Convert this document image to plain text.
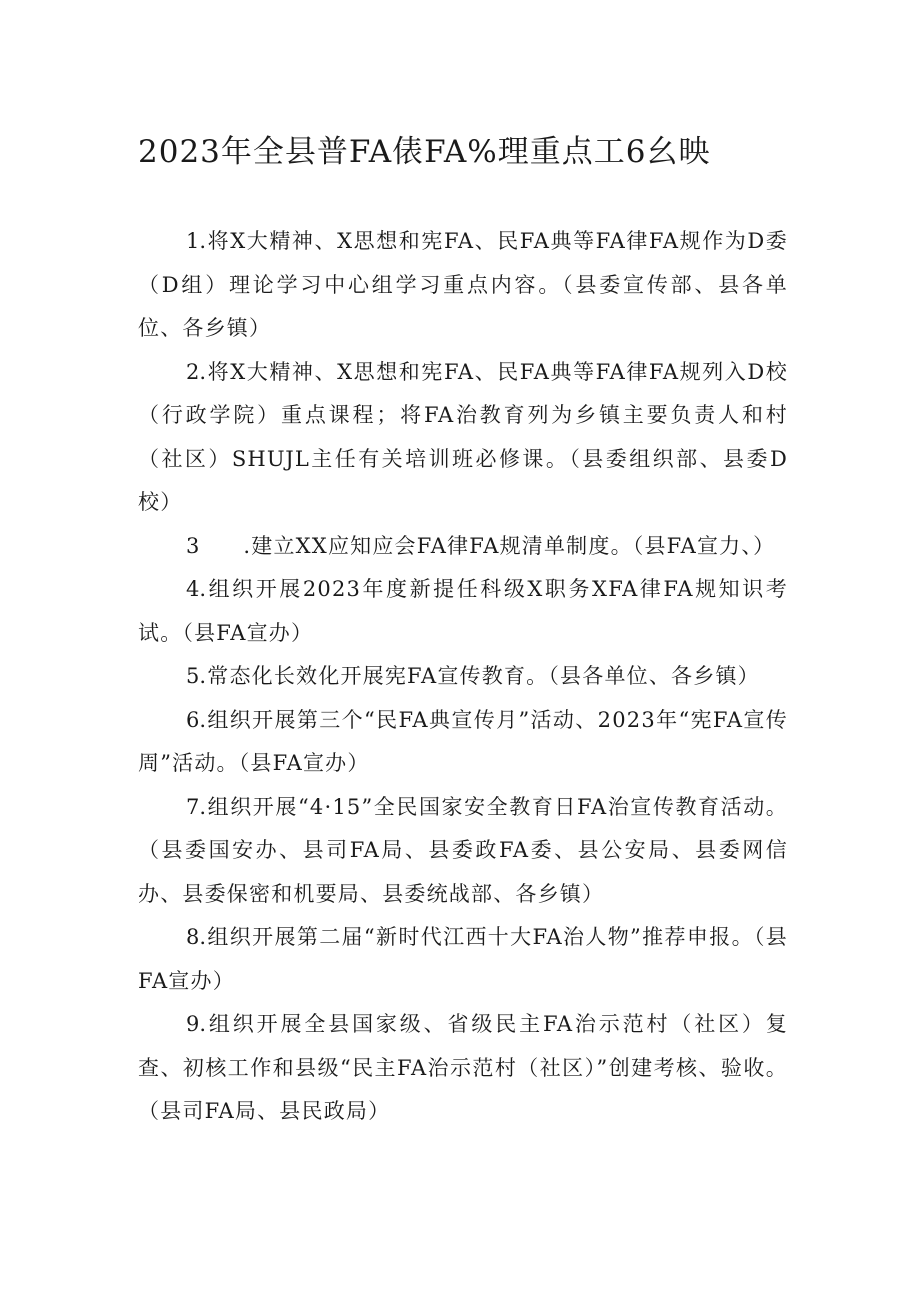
2023年全县普FA俵FA%理重点工6幺映

1.将X大精神、X思想和宪FA、民FA典等FA律FA规作为D委（D组）理论学习中心组学习重点内容。（县委宣传部、县各单位、各乡镇）

2.将X大精神、X思想和宪FA、民FA典等FA律FA规列入D校（行政学院）重点课程；将FA治教育列为乡镇主要负责人和村（社区）SHUJL主任有关培训班必修课。（县委组织部、县委D校）

3 .建立XX应知应会FA律FA规清单制度。（县FA宣力、）

4.组织开展2023年度新提任科级X职务XFA律FA规知识考试。（县FA宣办）

5.常态化长效化开展宪FA宣传教育。（县各单位、各乡镇）

6.组织开展第三个“民FA典宣传月”活动、2023年“宪FA宣传周”活动。（县FA宣办）

7.组织开展“4·15”全民国家安全教育日FA治宣传教育活动。（县委国安办、县司FA局、县委政FA委、县公安局、县委网信办、县委保密和机要局、县委统战部、各乡镇）

8.组织开展第二届“新时代江西十大FA治人物”推荐申报。（县FA宣办）

9.组织开展全县国家级、省级民主FA治示范村（社区）复查、初核工作和县级“民主FA治示范村（社区）”创建考核、验收。（县司FA局、县民政局）
